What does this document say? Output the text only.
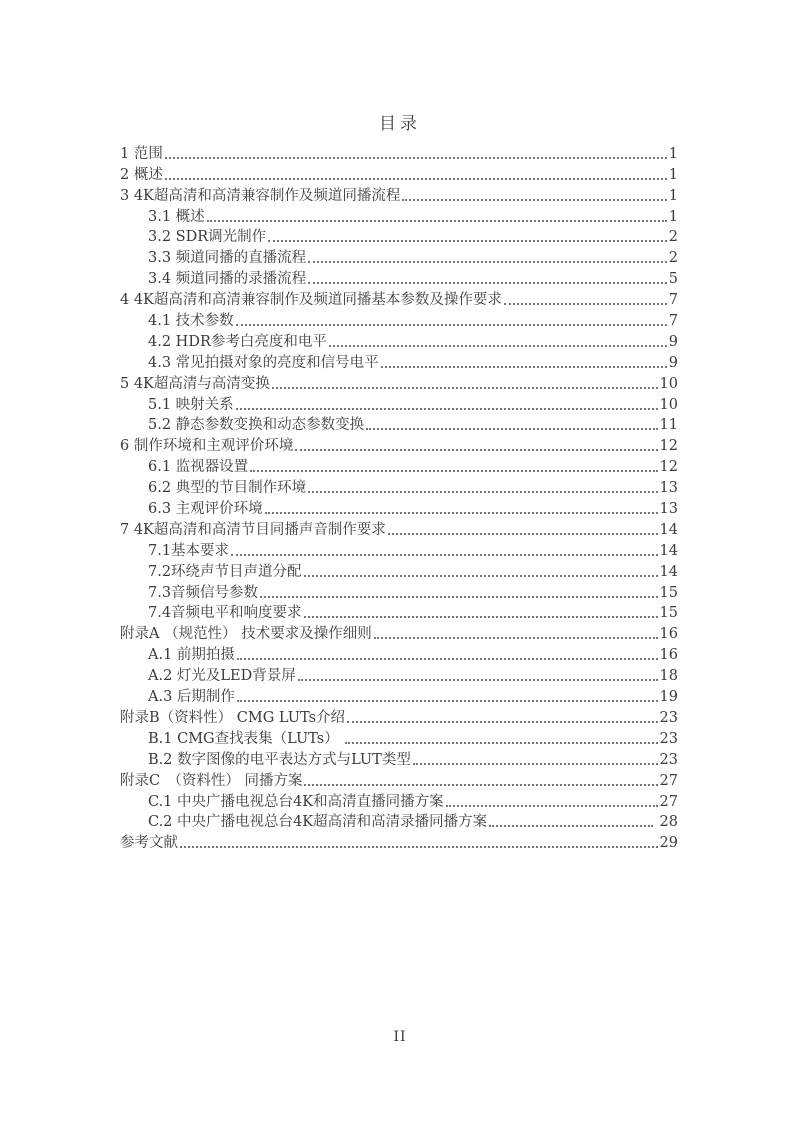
目录
1 范围	1
2 概述	1
3 4K超高清和高清兼容制作及频道同播流程	1
3.1 概述	1
3.2 SDR调光制作	2
3.3 频道同播的直播流程	2
3.4 频道同播的录播流程	5
4 4K超高清和高清兼容制作及频道同播基本参数及操作要求	7
4.1 技术参数	7
4.2 HDR参考白亮度和电平	9
4.3 常见拍摄对象的亮度和信号电平	9
5 4K超高清与高清变换	10
5.1 映射关系	10
5.2 静态参数变换和动态参数变换	11
6 制作环境和主观评价环境	12
6.1 监视器设置	12
6.2 典型的节目制作环境	13
6.3 主观评价环境	13
7 4K超高清和高清节目同播声音制作要求	14
7.1基本要求	14
7.2环绕声节目声道分配	14
7.3音频信号参数	15
7.4音频电平和响度要求	15
附录A （规范性） 技术要求及操作细则	16
A.1 前期拍摄	16
A.2 灯光及LED背景屏	18
A.3 后期制作	19
附录B（资料性） CMG LUTs介绍	23
B.1 CMG查找表集（LUTs）	23
B.2 数字图像的电平表达方式与LUT类型	23
附录C　（资料性） 同播方案	27
C.1 中央广播电视总台4K和高清直播同播方案	27
C.2 中央广播电视总台4K超高清和高清录播同播方案	28
参考文献	29
II
